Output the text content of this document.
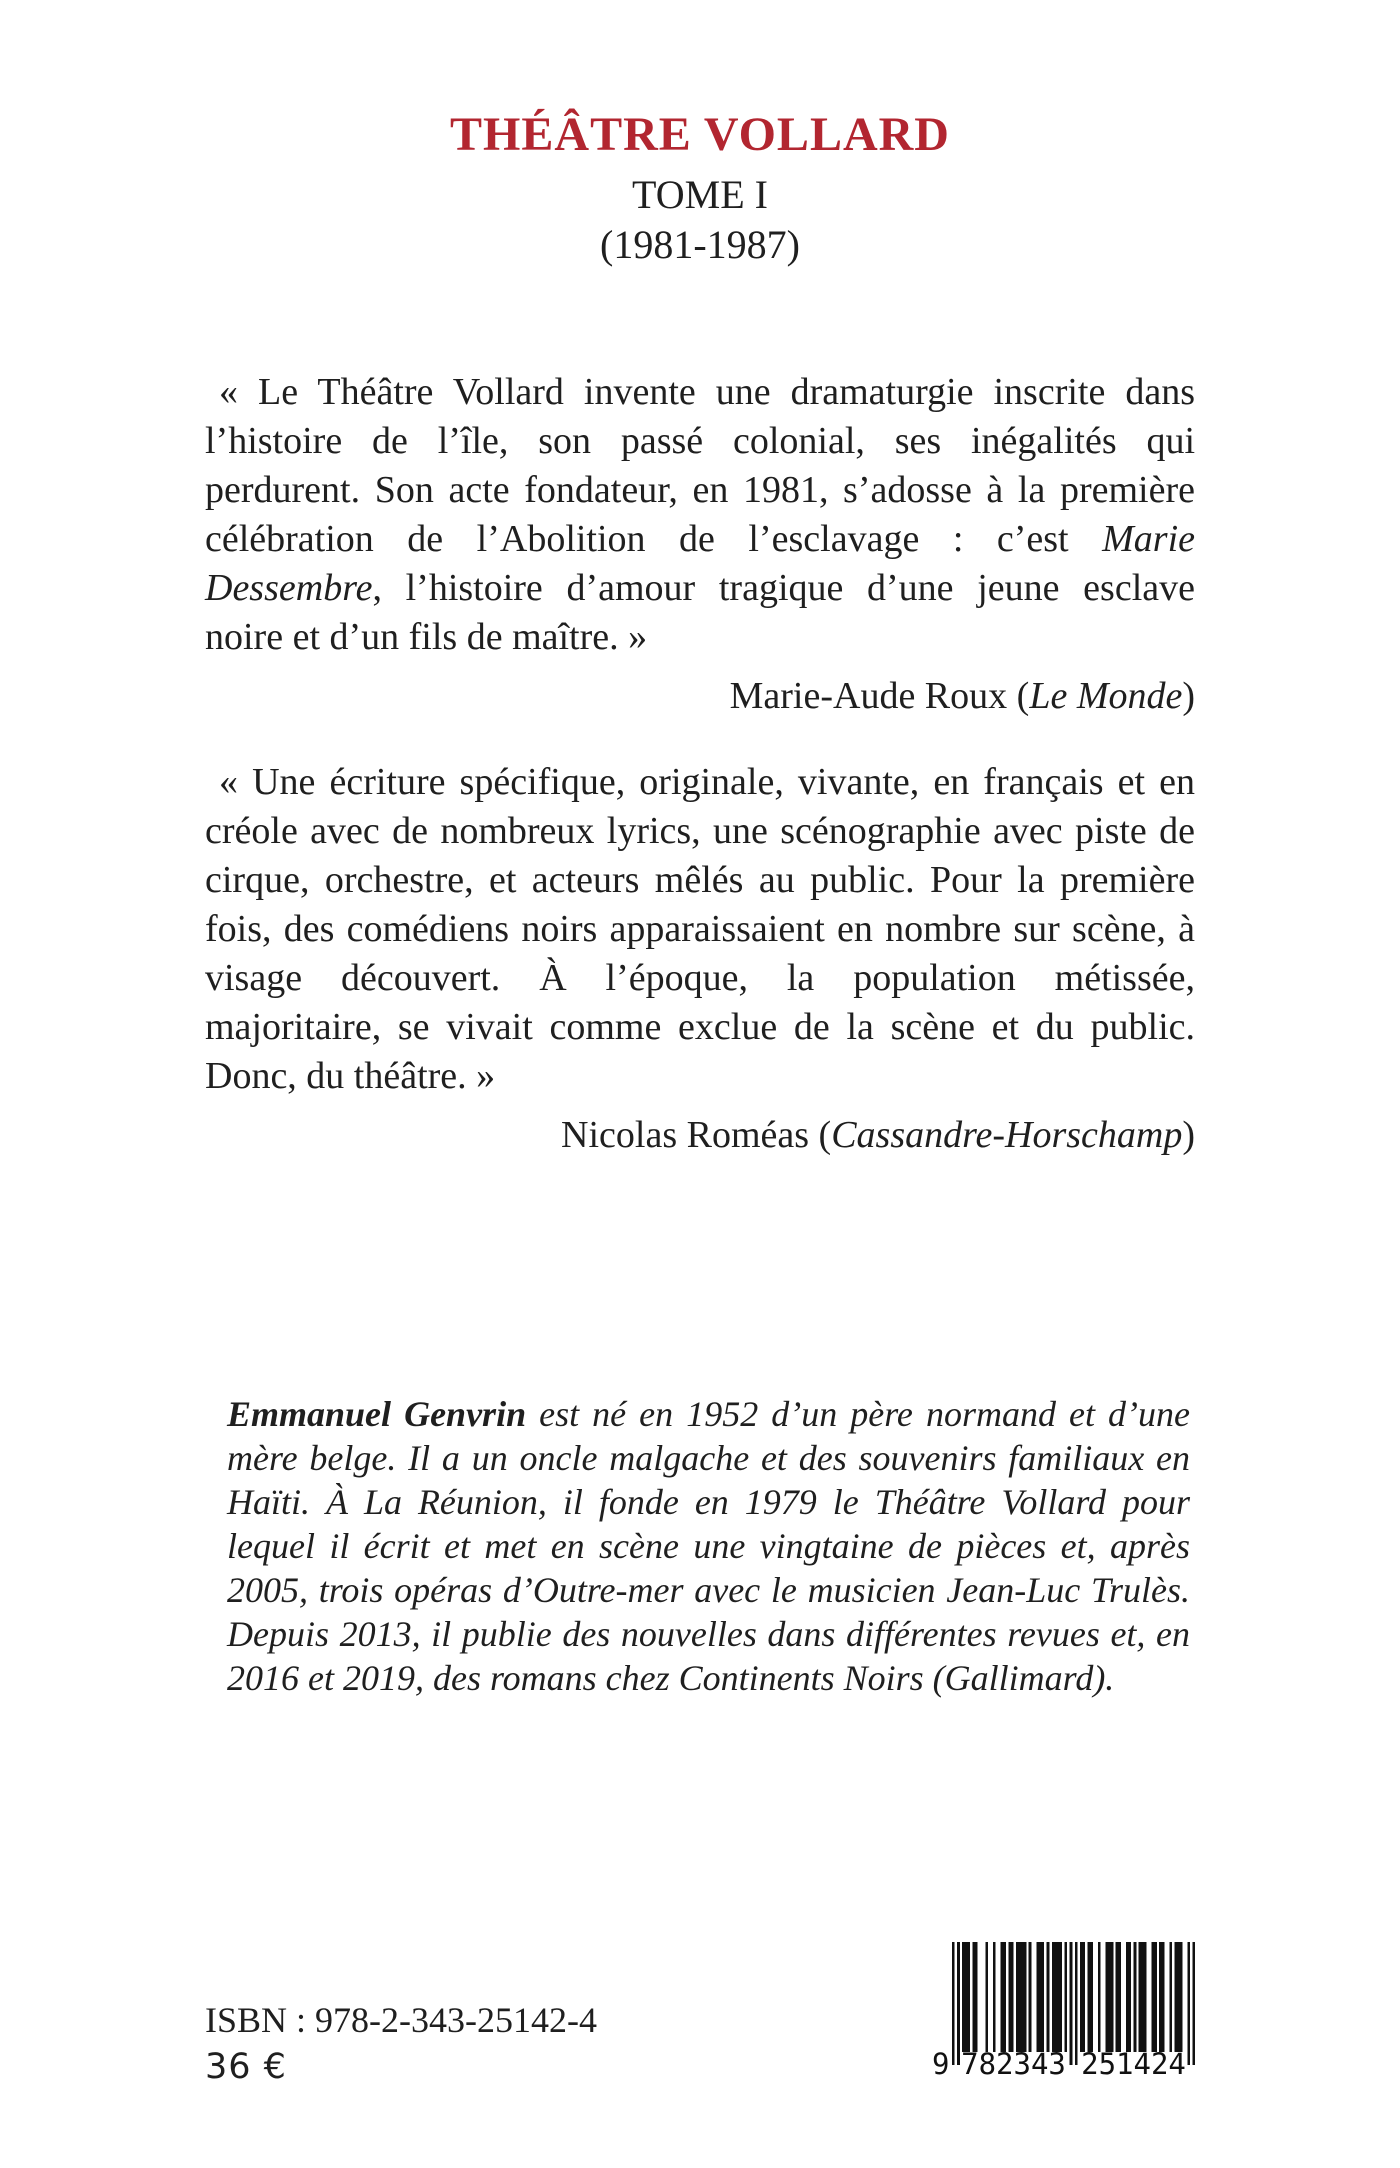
THÉÂTRE VOLLARD
TOME I
(1981-1987)

« Le Théâtre Vollard invente une dramaturgie inscrite dans l’histoire de l’île, son passé colonial, ses inégalités qui perdurent. Son acte fondateur, en 1981, s’adosse à la première célébration de l’Abolition de l’esclavage : c’est Marie Dessembre, l’histoire d’amour tragique d’une jeune esclave noire et d’un fils de maître. »

Marie-Aude Roux (Le Monde)

« Une écriture spécifique, originale, vivante, en français et en créole avec de nombreux lyrics, une scénographie avec piste de cirque, orchestre, et acteurs mêlés au public. Pour la première fois, des comédiens noirs apparaissaient en nombre sur scène, à visage découvert. À l’époque, la population métissée, majoritaire, se vivait comme exclue de la scène et du public. Donc, du théâtre. »

Nicolas Roméas (Cassandre-Horschamp)

Emmanuel Genvrin est né en 1952 d’un père normand et d’une mère belge. Il a un oncle malgache et des souvenirs familiaux en Haïti. À La Réunion, il fonde en 1979 le Théâtre Vollard pour lequel il écrit et met en scène une vingtaine de pièces et, après 2005, trois opéras d’Outre-mer avec le musicien Jean-Luc Trulès. Depuis 2013, il publie des nouvelles dans différentes revues et, en 2016 et 2019, des romans chez Continents Noirs (Gallimard).

ISBN : 978-2-343-25142-4
36 €	9 782343 251424
